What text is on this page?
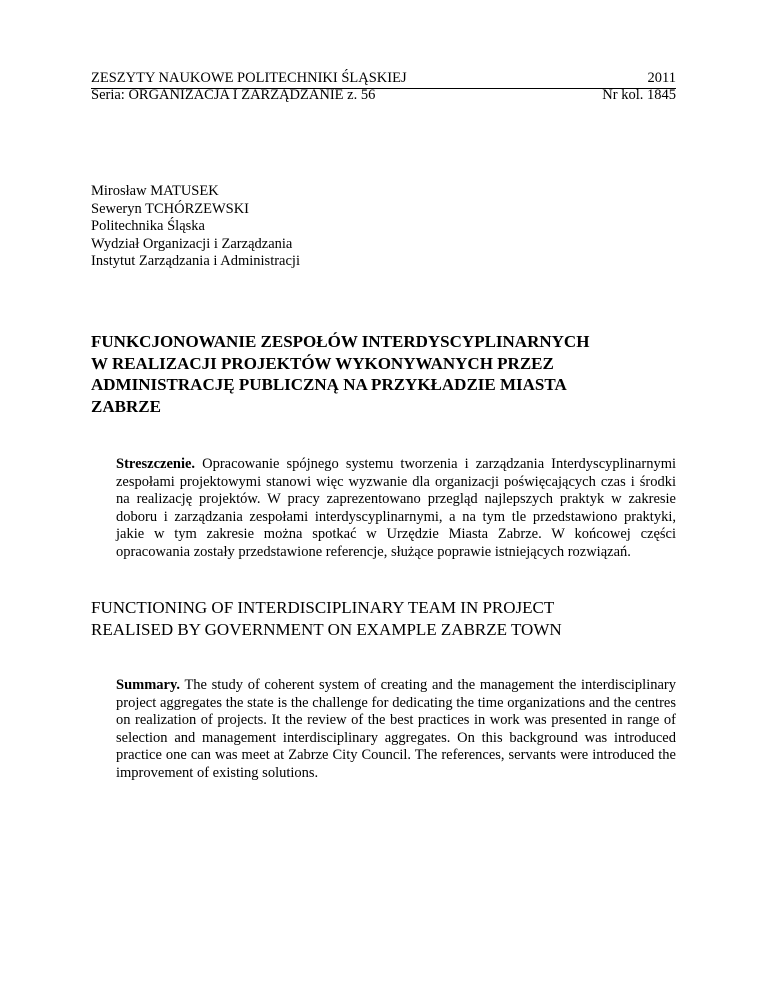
ZESZYTY NAUKOWE POLITECHNIKI ŚLĄSKIEJ	2011
Seria: ORGANIZACJA I ZARZĄDZANIE z. 56	Nr kol. 1845
Mirosław MATUSEK
Seweryn TCHÓRZEWSKI
Politechnika Śląska
Wydział Organizacji i Zarządzania
Instytut Zarządzania i Administracji
FUNKCJONOWANIE ZESPOŁÓW INTERDYSCYPLINARNYCH
W REALIZACJI PROJEKTÓW WYKONYWANYCH PRZEZ
ADMINISTRACJĘ PUBLICZNĄ NA PRZYKŁADZIE MIASTA
ZABRZE
Streszczenie. Opracowanie spójnego systemu tworzenia i zarządzania Interdyscyplinarnymi zespołami projektowymi stanowi więc wyzwanie dla organizacji poświęcających czas i środki na realizację projektów. W pracy zaprezentowano przegląd najlepszych praktyk w zakresie doboru i zarządzania zespołami interdyscyplinarnymi, a na tym tle przedstawiono praktyki, jakie w tym zakresie można spotkać w Urzędzie Miasta Zabrze. W końcowej części opracowania zostały przedstawione referencje, służące poprawie istniejących rozwiązań.
FUNCTIONING OF INTERDISCIPLINARY TEAM IN PROJECT
REALISED BY GOVERNMENT ON EXAMPLE ZABRZE TOWN
Summary. The study of coherent system of creating and the management the interdisciplinary project aggregates the state is the challenge for dedicating the time organizations and the centres on realization of projects. It the review of the best practices in work was presented in range of selection and management interdisciplinary aggregates. On this background was introduced practice one can was meet at Zabrze City Council. The references, servants were introduced the improvement of existing solutions.
